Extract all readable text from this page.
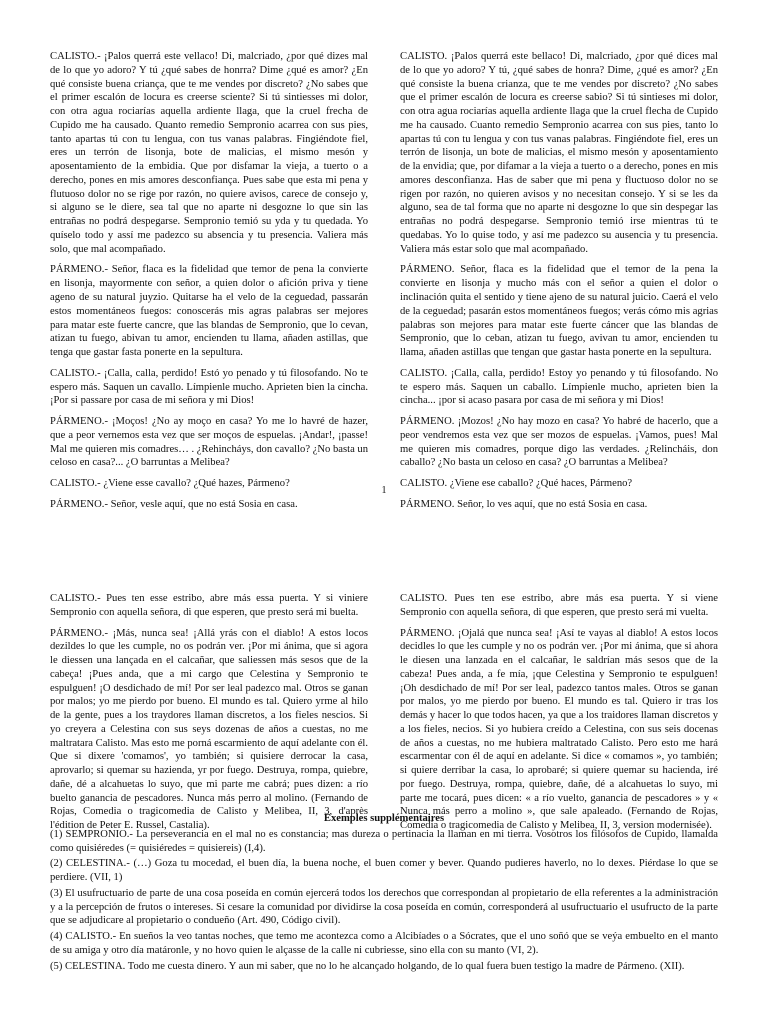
CALISTO.- ¡Palos querrá este vellaco! Di, malcriado, ¿por qué dizes mal de lo que yo adoro? Y tú ¿qué sabes de honrra? Dime ¿qué es amor? ¿En qué consiste buena criança, que te me vendes por discreto? ¿No sabes que el primer escalón de locura es creerse sciente? Si tú sintiesses mi dolor, con otra agua rociarías aquella ardiente llaga, que la cruel frecha de Cupido me ha causado. Quanto remedio Sempronio acarrea con sus pies, tanto apartas tú con tu lengua, con tus vanas palabras. Fingiéndote fiel, eres un terrón de lisonja, bote de malicias, el mismo mesón y aposentamiento de la embidia. Que por disfamar la vieja, a tuerto o a derecho, pones en mis amores desconfiança. Pues sabe que esta mi pena y flutuoso dolor no se rige por razón, no quiere avisos, carece de consejo y, si alguno se le diere, sea tal que no aparte ni desgozne lo que sin las entrañas no podrá despegarse. Sempronio temió su yda y tu quedada. Yo quíselo todo y assí me padezco su absencia y tu presencia. Valiera más solo, que mal acompañado.

PÁRMENO.- Señor, flaca es la fidelidad que temor de pena la convierte en lisonja, mayormente con señor, a quien dolor o afición priva y tiene ageno de su natural juyzio. Quitarse ha el velo de la ceguedad, passarán estos momentáneos fuegos: conoscerás mis agras palabras ser mejores para matar este fuerte cancre, que las blandas de Sempronio, que lo cevan, atizan tu fuego, abivan tu amor, encienden tu llama, añaden astillas, que tenga que gastar fasta ponerte en la sepultura.

CALISTO.- ¡Calla, calla, perdido! Estó yo penado y tú filosofando. No te espero más. Saquen un cavallo. Límpienle mucho. Aprieten bien la cincha. ¡Por si passare por casa de mi señora y mi Dios!

PÁRMENO.- ¡Moços! ¿No ay moço en casa? Yo me lo havré de hazer, que a peor vernemos esta vez que ser moços de espuelas. ¡Andar!, ¡passe! Mal me quieren mis comadres… . ¿Rehincháys, don cavallo? ¿No basta un celoso en casa?... ¿O barruntas a Melibea?

CALISTO.- ¿Viene esse cavallo? ¿Qué hazes, Pármeno?

PÁRMENO.- Señor, vesle aquí, que no está Sosia en casa.

CALISTO. ¡Palos querrá este bellaco! Di, malcriado, ¿por qué dices mal de lo que yo adoro? Y tú, ¿qué sabes de honra? Dime, ¿qué es amor? ¿En qué consiste la buena crianza, que te me vendes por discreto? ¿No sabes que el primer escalón de locura es creerse sabio? Si tú sintieses mi dolor, con otra agua rociarías aquella ardiente llaga que la cruel flecha de Cupido me ha causado. Cuanto remedio Sempronio acarrea con sus pies, tanto lo apartas tú con tu lengua y con tus vanas palabras. Fingiéndote fiel, eres un terrón de lisonja, un bote de malicias, el mismo mesón y aposentamiento de la envidia; que, por difamar a la vieja a tuerto o a derecho, pones en mis amores desconfianza. Has de saber que mi pena y fluctuoso dolor no se rigen por razón, no quieren avisos y no necesitan consejo. Y si se les da alguno, sea de tal forma que no aparte ni desgozne lo que sin despegar las entrañas no podrá despegarse. Sempronio temió irse mientras tú te quedabas. Yo lo quise todo, y así me padezco su ausencia y tu presencia. Valiera más estar solo que mal acompañado.

PÁRMENO. Señor, flaca es la fidelidad que el temor de la pena la convierte en lisonja y mucho más con el señor a quien el dolor o inclinación quita el sentido y tiene ajeno de su natural juicio. Caerá el velo de la ceguedad; pasarán estos momentáneos fuegos; verás cómo mis agrias palabras son mejores para matar este fuerte cáncer que las blandas de Sempronio, que lo ceban, atizan tu fuego, avivan tu amor, encienden tu llama, añaden astillas que tengan que gastar hasta ponerte en la sepultura.

CALISTO. ¡Calla, calla, perdido! Estoy yo penando y tú filosofando. No te espero más. Saquen un caballo. Límpienle mucho, aprieten bien la cincha... ¡por si acaso pasara por casa de mi señora y mi Dios!

PÁRMENO. ¡Mozos! ¿No hay mozo en casa? Yo habré de hacerlo, que a peor vendremos esta vez que ser mozos de espuelas. ¡Vamos, pues! Mal me quieren mis comadres, porque digo las verdades. ¿Relincháis, don caballo? ¿No basta un celoso en casa? ¿O barruntas a Melibea?

CALISTO. ¿Viene ese caballo? ¿Qué haces, Pármeno?

PÁRMENO. Señor, lo ves aquí, que no está Sosia en casa.

1

CALISTO.- Pues ten esse estribo, abre más essa puerta. Y si viniere Sempronio con aquella señora, di que esperen, que presto será mi buelta.

PÁRMENO.- ¡Más, nunca sea! ¡Allá yrás con el diablo! A estos locos dezildes lo que les cumple, no os podrán ver. ¡Por mi ánima, que si agora le diessen una lançada en el calcañar, que saliessen más sesos que de la cabeça! ¡Pues anda, que a mi cargo que Celestina y Sempronio te espulguen! ¡O desdichado de mí! Por ser leal padezco mal. Otros se ganan por malos; yo me pierdo por bueno. El mundo es tal. Quiero yrme al hilo de la gente, pues a los traydores llaman discretos, a los fieles nescios. Si yo creyera a Celestina con sus seys dozenas de años a cuestas, no me maltratara Calisto. Mas esto me porná escarmiento de aquí adelante con él. Que si dixere 'comamos', yo también; si quisiere derrocar la casa, aprovarlo; si quemar su hazienda, yr por fuego. Destruya, rompa, quiebre, dañe, dé a alcahuetas lo suyo, que mi parte me cabrá; pues dizen: a río buelto ganancia de pescadores. Nunca más perro al molino. (Fernando de Rojas, Comedia o tragicomedia de Calisto y Melibea, II, 3, d'après l'édition de Peter E. Russel, Castalia).

CALISTO. Pues ten ese estribo, abre más esa puerta. Y si viene Sempronio con aquella señora, di que esperen, que presto será mi vuelta.

PÁRMENO. ¡Ojalá que nunca sea! ¡Así te vayas al diablo! A estos locos decidles lo que les cumple y no os podrán ver. ¡Por mi ánima, que si ahora le diesen una lanzada en el calcañar, le saldrían más sesos que de la cabeza! Pues anda, a fe mía, ¡que Celestina y Sempronio te espulguen! ¡Oh desdichado de mí! Por ser leal, padezco tantos males. Otros se ganan por malos, yo me pierdo por bueno. El mundo es tal. Quiero ir tras los demás y hacer lo que todos hacen, ya que a los traidores llaman discretos y a los fieles, necios. Si yo hubiera creído a Celestina, con sus seis docenas de años a cuestas, no me hubiera maltratado Calisto. Pero esto me hará escarmentar con él de aquí en adelante. Si dice « comamos », yo también; si quiere derribar la casa, lo aprobaré; si quiere quemar su hacienda, iré por fuego. Destruya, rompa, quiebre, dañe, dé a alcahuetas lo suyo, mi parte me tocará, pues dicen: « a río vuelto, ganancia de pescadores » y « Nunca más perro a molino », que sale apaleado. (Fernando de Rojas, Comedia o tragicomedia de Calisto y Melibea, II, 3, version modernisée).

Exemples supplémentaires

(1) SEMPRONIO.- La perseverancia en el mal no es constancia; mas dureza o pertinacia la llaman en mi tierra. Vosotros los filósofos de Cupido, llamalda como quisiéredes (= quisiéredes = quisiereis) (I,4).

(2) CELESTINA.- (…) Goza tu mocedad, el buen día, la buena noche, el buen comer y bever. Quando pudieres haverlo, no lo dexes. Piérdase lo que se perdiere. (VII, 1)

(3) El usufructuario de parte de una cosa poseída en común ejercerá todos los derechos que correspondan al propietario de ella referentes a la administración y a la percepción de frutos o intereses. Si cesare la comunidad por dividirse la cosa poseída en común, corresponderá al usufructuario el usufructo de la parte que se adjudicare al propietario o condueño (Art. 490, Código civil).

(4) CALISTO.- En sueños la veo tantas noches, que temo me acontezca como a Alcibíades o a Sócrates, que el uno soñó que se veýa embuelto en el manto de su amiga y otro día matáronle, y no hovo quien le alçasse de la calle ni cubriesse, sino ella con su manto (VI, 2).

(5) CELESTINA. Todo me cuesta dinero. Y aun mi saber, que no lo he alcançado holgando, de lo qual fuera buen testigo la madre de Pármeno. (XII).
